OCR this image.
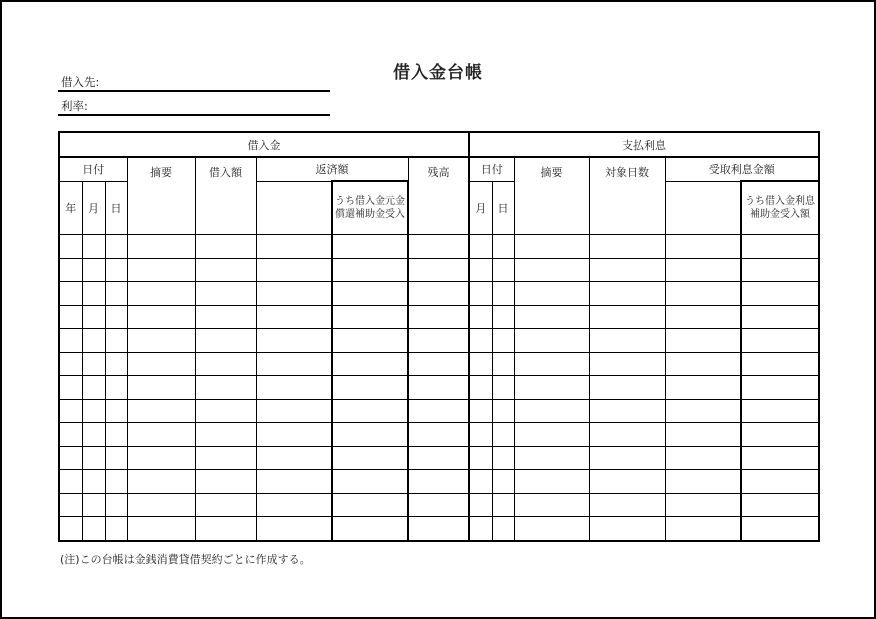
借入金台帳
借入先:
利率:
借入金								支払利息					
日付			摘要	借入額	返済額		残高	日付		摘要	対象日数	受取利息金額	
年	月	日				うち借入金元金償還補助金受入		月	日				うち借入金利息補助金受入額

(注)この台帳は金銭消費貸借契約ごとに作成する。
